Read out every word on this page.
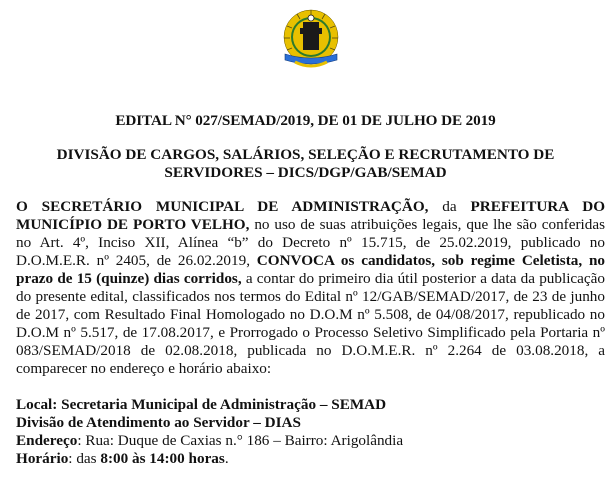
EDITAL N° 027/SEMAD/2019, DE 01 DE JULHO DE 2019
DIVISÃO DE CARGOS, SALÁRIOS, SELEÇÃO E RECRUTAMENTO DE
SERVIDORES – DICS/DGP/GAB/SEMAD
O SECRETÁRIO MUNICIPAL DE ADMINISTRAÇÃO, da PREFEITURA DO MUNICÍPIO DE PORTO VELHO, no uso de suas atribuições legais, que lhe são conferidas no Art. 4º, Inciso XII, Alínea “b” do Decreto nº 15.715, de 25.02.2019, publicado no D.O.M.E.R. nº 2405, de 26.02.2019, CONVOCA os candidatos, sob regime Celetista, no prazo de 15 (quinze) dias corridos, a contar do primeiro dia útil posterior a data da publicação do presente edital, classificados nos termos do Edital nº 12/GAB/SEMAD/2017, de 23 de junho de 2017, com Resultado Final Homologado no D.O.M nº 5.508, de 04/08/2017, republicado no D.O.M nº 5.517, de 17.08.2017, e Prorrogado o Processo Seletivo Simplificado pela Portaria nº 083/SEMAD/2018 de 02.08.2018, publicada no D.O.M.E.R. nº 2.264 de 03.08.2018, a comparecer no endereço e horário abaixo:
Local: Secretaria Municipal de Administração – SEMAD
Divisão de Atendimento ao Servidor – DIAS
Endereço: Rua: Duque de Caxias n.° 186 – Bairro: Arigolândia
Horário: das 8:00 às 14:00 horas.
